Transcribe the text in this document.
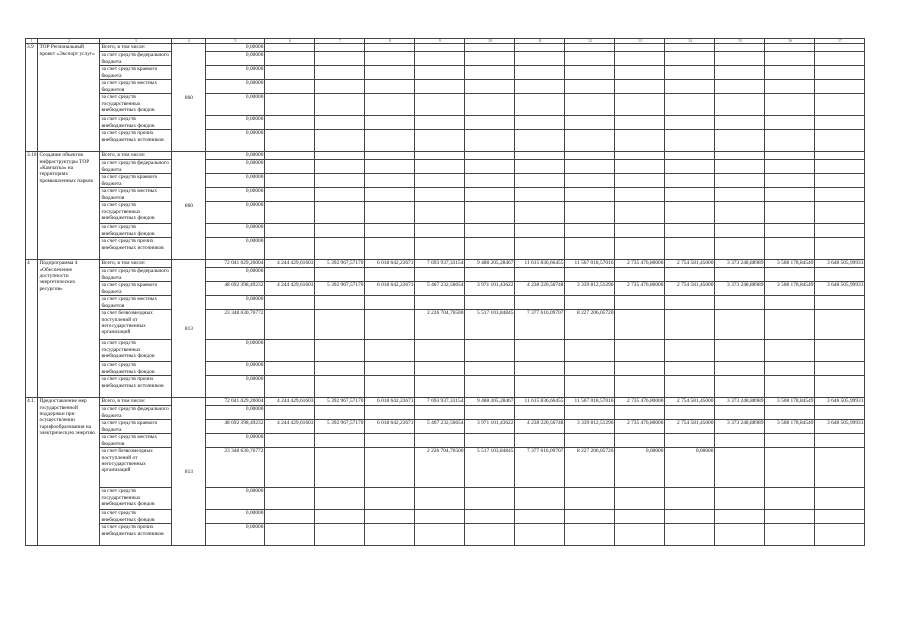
1	2	3	4	5	6	7	8	9	10	11	12	13	14	15	16	17
3.9	ТОР Региональный проект «Экспорт услуг»	Всего, в том числе:	860	0,00000												
		за счет средств федерального бюджета		0,00000												
		за счет средств краевого бюджета		0,00000												
		за счет средств местных бюджетов		0,00000												
		за счет средств государственных внебюджетных фондов		0,00000												
		за счет средств внебюджетных фондов		0,00000												
		за счет средств прочих внебюджетных источников		0,00000												
3.10	Создание объектов инфраструктуры ТОР «Камчатка» на территориях промышленных парков	Всего, в том числе:	860	0,00000												
		за счет средств федерального бюджета		0,00000												
		за счет средств краевого бюджета		0,00000												
		за счет средств местных бюджетов		0,00000												
		за счет средств государственных внебюджетных фондов		0,00000												
		за счет средств внебюджетных фондов		0,00000												
		за счет средств прочих внебюджетных источников		0,00000												
4	Подпрограмма 4 «Обеспечение доступности энергетических ресурсов»	Всего, в том числе:	813	72 041 029,26004	4 244 429,61603	5 392 967,57170	6 018 642,23671	7 693 937,33154	9 488 205,28467	11 615 836,66455	11 567 018,57016	2 735 476,80000	2 754 581,45000	3 373 248,88989	3 508 178,84549	3 648 505,99931
		за счет средств федерального бюджета		0,00000												
		за счет средств краевого бюджета		48 692 398,49232	4 244 429,61603	5 392 967,57170	6 018 642,23671	5 467 232,56654	3 971 101,43622	4 238 220,56748	3 339 812,51296	2 735 476,80000	2 754 581,45000	3 373 248,88989	3 508 178,84549	3 648 505,99931
		за счет средств местных бюджетов		0,00000												
		за счет безвозмездных поступлений от негосударственных организаций		23 348 630,76772				2 226 704,76500	5 517 103,84845	7 377 616,09707	8 227 206,05720					
		за счет средств государственных внебюджетных фондов		0,00000												
		за счет средств внебюджетных фондов		0,00000												
		за счет средств прочих внебюджетных источников		0,00000												
4.1.	Предоставление мер государственной поддержки при осуществлении тарифообразования на электрическую энергию	Всего, в том числе:	813	72 041 029,26004	4 244 429,61603	5 392 967,57170	6 018 642,23671	7 693 937,33154	9 488 205,28467	11 615 836,66455	11 567 018,57016	2 735 476,80000	2 754 581,45000	3 373 248,88989	3 508 178,84549	3 648 505,99931
		за счет средств федерального бюджета		0,00000												
		за счет средств краевого бюджета		48 692 398,49232	4 244 429,61603	5 392 967,57170	6 018 642,23671	5 467 232,56654	3 971 101,43622	4 238 220,56748	3 339 812,51296	2 735 476,80000	2 754 581,45000	3 373 248,88989	3 508 178,84549	3 648 505,99931
		за счет средств местных бюджетов		0,00000												
		за счет безвозмездных поступлений от негосударственных организаций		23 348 630,76772				2 226 704,76500	5 517 103,84845	7 377 616,09707	8 227 206,05720	0,00000	0,00000			
		за счет средств государственных внебюджетных фондов		0,00000												
		за счет средств внебюджетных фондов		0,00000												
		за счет средств прочих внебюджетных источников		0,00000												
